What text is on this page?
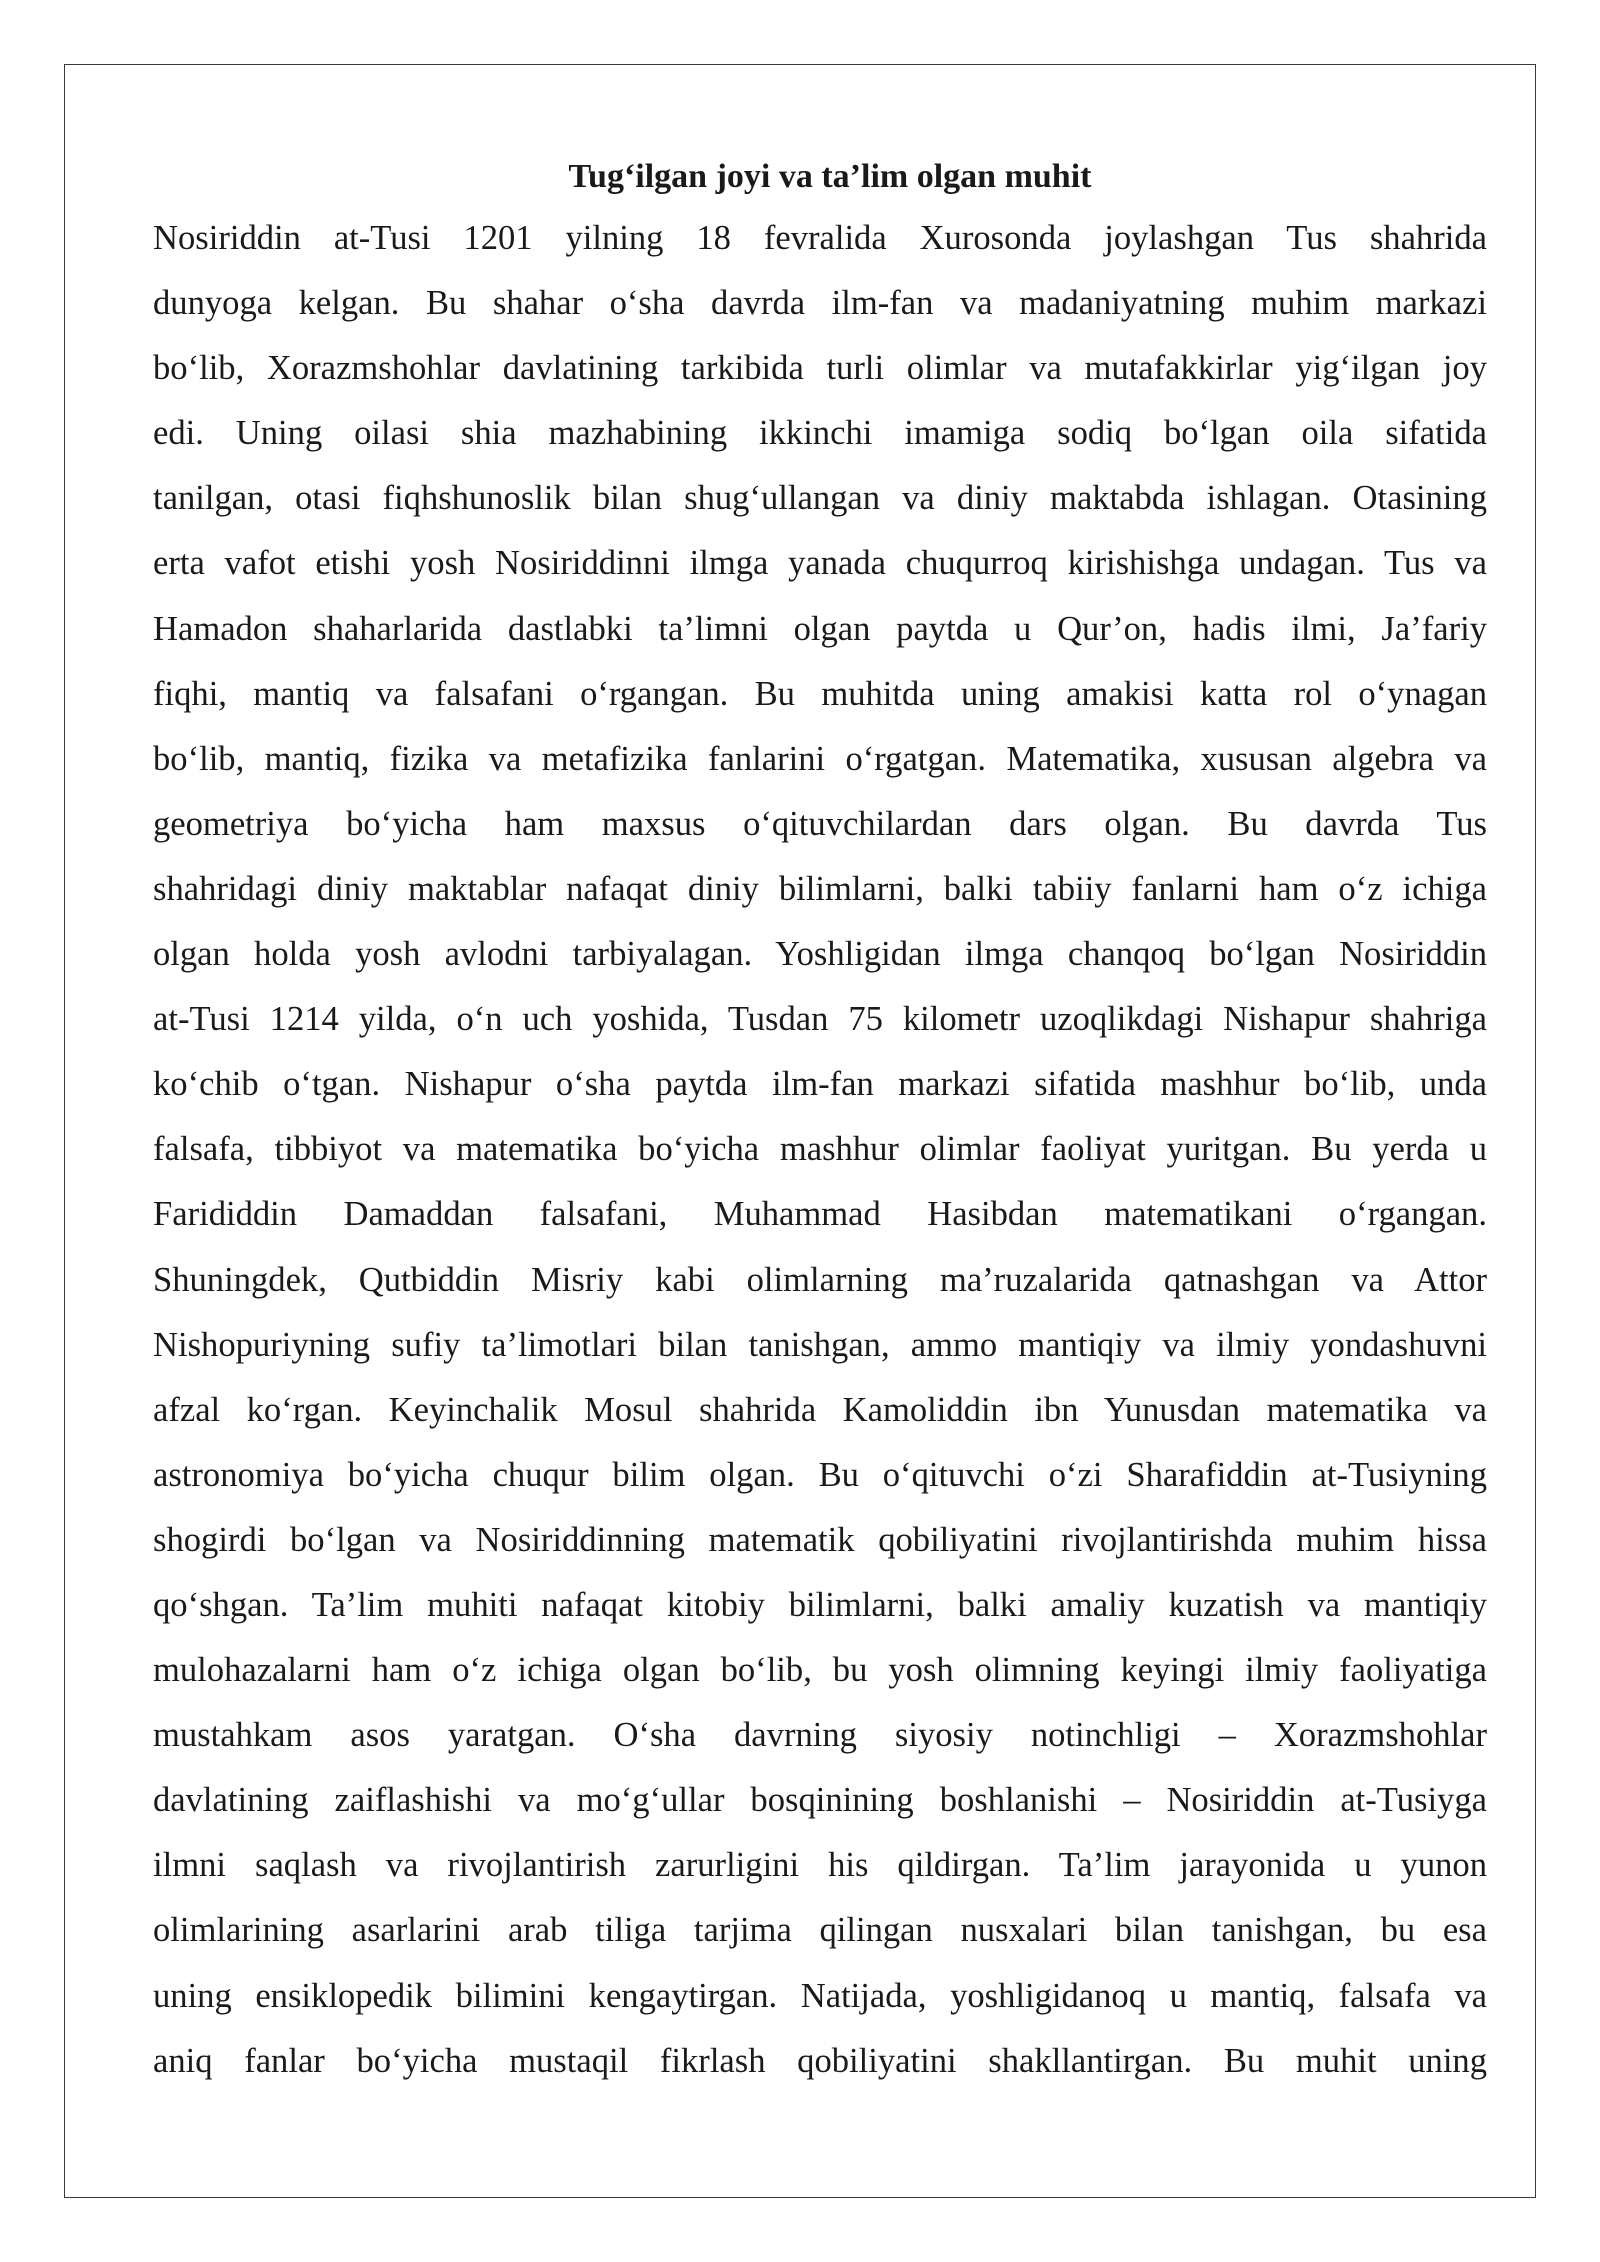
Tug‘ilgan joyi va ta’lim olgan muhit
Nosiriddin at-Tusi 1201 yilning 18 fevralida Xurosonda joylashgan Tus shahrida
dunyoga kelgan. Bu shahar o‘sha davrda ilm-fan va madaniyatning muhim markazi
bo‘lib, Xorazmshohlar davlatining tarkibida turli olimlar va mutafakkirlar yig‘ilgan joy
edi. Uning oilasi shia mazhabining ikkinchi imamiga sodiq bo‘lgan oila sifatida
tanilgan, otasi fiqhshunoslik bilan shug‘ullangan va diniy maktabda ishlagan. Otasining
erta vafot etishi yosh Nosiriddinni ilmga yanada chuqurroq kirishishga undagan. Tus va
Hamadon shaharlarida dastlabki ta’limni olgan paytda u Qur’on, hadis ilmi, Ja’fariy
fiqhi, mantiq va falsafani o‘rgangan. Bu muhitda uning amakisi katta rol o‘ynagan
bo‘lib, mantiq, fizika va metafizika fanlarini o‘rgatgan. Matematika, xususan algebra va
geometriya bo‘yicha ham maxsus o‘qituvchilardan dars olgan. Bu davrda Tus
shahridagi diniy maktablar nafaqat diniy bilimlarni, balki tabiiy fanlarni ham o‘z ichiga
olgan holda yosh avlodni tarbiyalagan. Yoshligidan ilmga chanqoq bo‘lgan Nosiriddin
at-Tusi 1214 yilda, o‘n uch yoshida, Tusdan 75 kilometr uzoqlikdagi Nishapur shahriga
ko‘chib o‘tgan. Nishapur o‘sha paytda ilm-fan markazi sifatida mashhur bo‘lib, unda
falsafa, tibbiyot va matematika bo‘yicha mashhur olimlar faoliyat yuritgan. Bu yerda u
Farididdin Damaddan falsafani, Muhammad Hasibdan matematikani o‘rgangan.
Shuningdek, Qutbiddin Misriy kabi olimlarning ma’ruzalarida qatnashgan va Attor
Nishopuriyning sufiy ta’limotlari bilan tanishgan, ammo mantiqiy va ilmiy yondashuvni
afzal ko‘rgan. Keyinchalik Mosul shahrida Kamoliddin ibn Yunusdan matematika va
astronomiya bo‘yicha chuqur bilim olgan. Bu o‘qituvchi o‘zi Sharafiddin at-Tusiyning
shogirdi bo‘lgan va Nosiriddinning matematik qobiliyatini rivojlantirishda muhim hissa
qo‘shgan. Ta’lim muhiti nafaqat kitobiy bilimlarni, balki amaliy kuzatish va mantiqiy
mulohazalarni ham o‘z ichiga olgan bo‘lib, bu yosh olimning keyingi ilmiy faoliyatiga
mustahkam asos yaratgan. O‘sha davrning siyosiy notinchligi – Xorazmshohlar
davlatining zaiflashishi va mo‘g‘ullar bosqinining boshlanishi – Nosiriddin at-Tusiyga
ilmni saqlash va rivojlantirish zarurligini his qildirgan. Ta’lim jarayonida u yunon
olimlarining asarlarini arab tiliga tarjima qilingan nusxalari bilan tanishgan, bu esa
uning ensiklopedik bilimini kengaytirgan. Natijada, yoshligidanoq u mantiq, falsafa va
aniq fanlar bo‘yicha mustaqil fikrlash qobiliyatini shakllantirgan. Bu muhit uning
